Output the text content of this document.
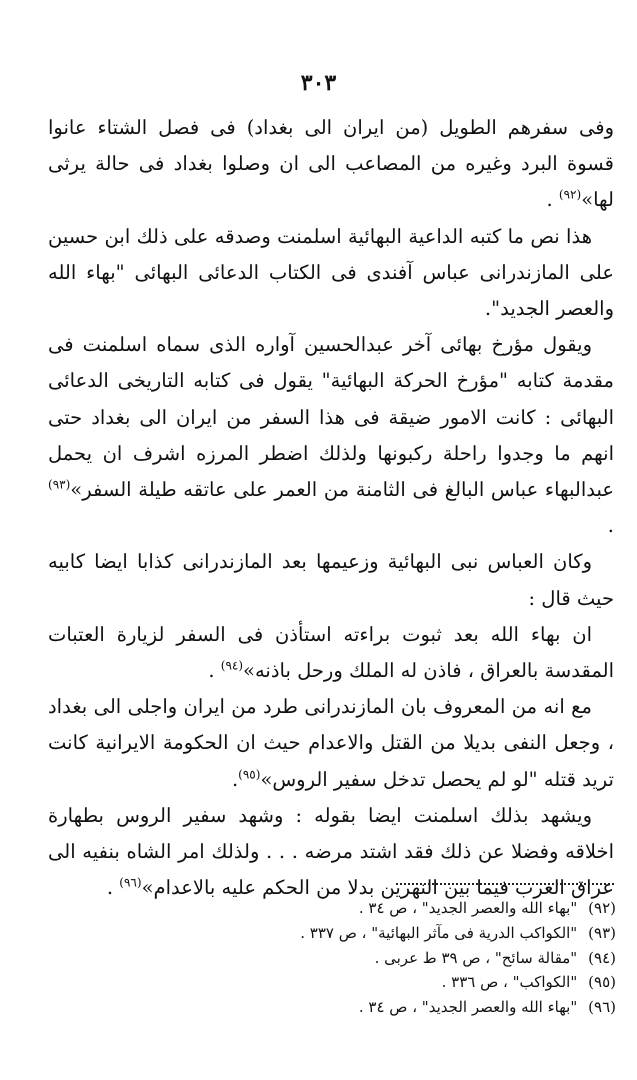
٣٠٣

وفى سفرهم الطويل (من ايران الى بغداد) فى فصل الشتاء عانوا قسوة البرد وغيره من المصاعب الى ان وصلوا بغداد فى حالة يرثى لها»$^{(٩٢)}$ .

هذا نص ما كتبه الداعية البهائية اسلمنت وصدقه على ذلك ابن حسين على المازندرانى عباس آفندى فى الكتاب الدعائى البهائى "بهاء الله والعصر الجديد".

ويقول مؤرخ بهائى آخر عبدالحسين آواره الذى سماه اسلمنت فى مقدمة كتابه "مؤرخ الحركة البهائية" يقول فى كتابه التاريخى الدعائى البهائى : كانت الامور ضيقة فى هذا السفر من ايران الى بغداد حتى انهم ما وجدوا راحلة ركبونها ولذلك اضطر المرزه اشرف ان يحمل عبدالبهاء عباس البالغ فى الثامنة من العمر على عاتقه طيلة السفر»$^{(٩٣)}$ .

وكان العباس نبى البهائية وزعيمها بعد المازندرانى كذابا ايضا كابيه حيث قال :

ان بهاء الله بعد ثبوت براءته استأذن فى السفر لزيارة العتبات المقدسة بالعراق ، فاذن له الملك ورحل باذنه»$^{(٩٤)}$ .

مع انه من المعروف بان المازندرانى طرد من ايران واجلى الى بغداد ، وجعل النفى بديلا من القتل والاعدام حيث ان الحكومة الايرانية كانت تريد قتله "لو لم يحصل تدخل سفير الروس»$^{(٩٥)}$.

ويشهد بذلك اسلمنت ايضا بقوله : وشهد سفير الروس بطهارة اخلاقه وفضلا عن ذلك فقد اشتد مرضه . . . ولذلك امر الشاه بنفيه الى عراق العرب فيما بين النهرين بدلا من الحكم عليه بالاعدام»$^{(٩٦)}$ .

(٩٢) "بهاء الله والعصر الجديد" ، ص ٣٤ .
(٩٣) "الكواكب الدرية فى مآثر البهائية" ، ص ٣٣٧ .
(٩٤) "مقالة سائح" ، ص ٣٩ ط عربى .
(٩٥) "الكواكب" ، ص ٣٣٦ .
(٩٦) "بهاء الله والعصر الجديد" ، ص ٣٤ .
